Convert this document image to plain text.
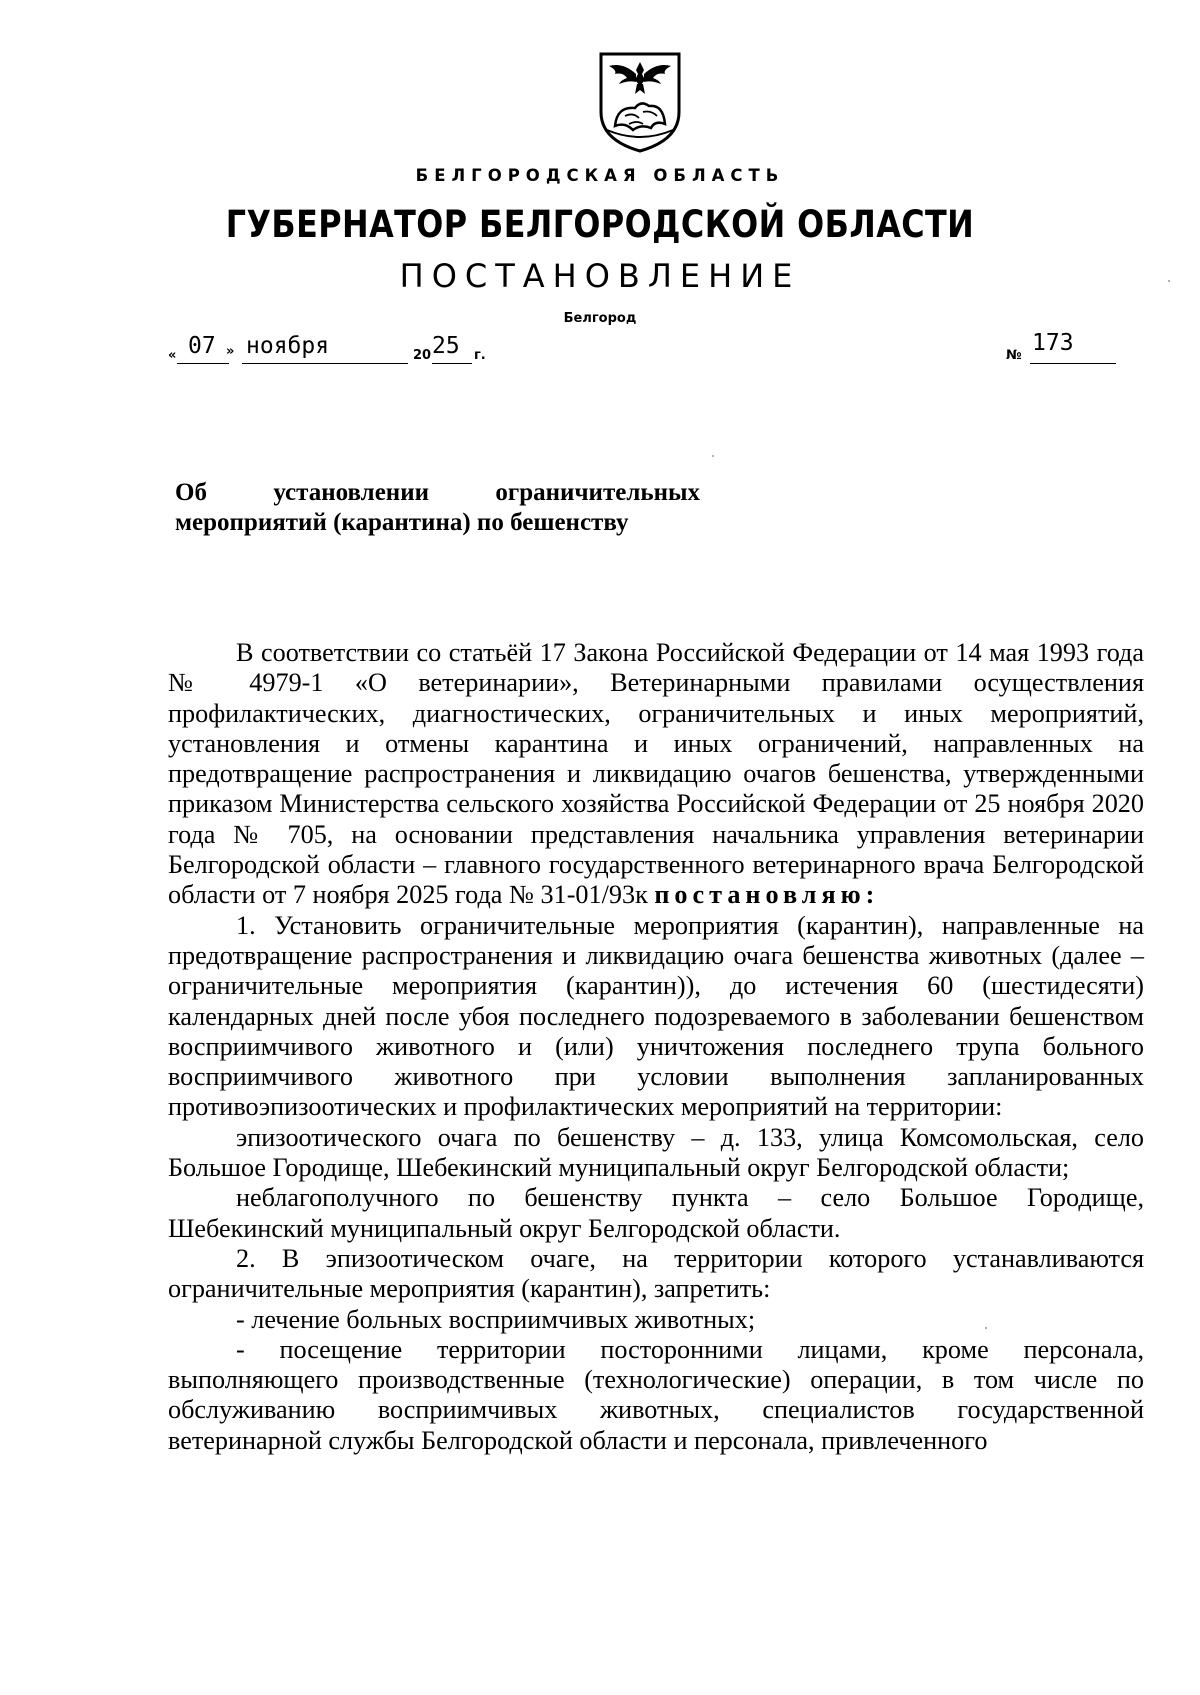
БЕЛГОРОДСКАЯ ОБЛАСТЬ
ГУБЕРНАТОР БЕЛГОРОДСКОЙ ОБЛАСТИ
ПОСТАНОВЛЕНИЕ
Белгород
« 07 » ноября	20 25 г.	№ 173
Об	установлении	ограничительных
мероприятий (карантина) по бешенству

В соответствии со статьёй 17 Закона Российской Федерации от 14 мая 1993 года № 4979-1 «О ветеринарии», Ветеринарными правилами осуществления профилактических, диагностических, ограничительных и иных мероприятий, установления и отмены карантина и иных ограничений, направленных на предотвращение распространения и ликвидацию очагов бешенства, утвержденными приказом Министерства сельского хозяйства Российской Федерации от 25 ноября 2020 года № 705, на основании представления начальника управления ветеринарии Белгородской области – главного государственного ветеринарного врача Белгородской области от 7 ноября 2025 года № 31-01/93к постановляю:

1. Установить ограничительные мероприятия (карантин), направленные на предотвращение распространения и ликвидацию очага бешенства животных (далее – ограничительные мероприятия (карантин)), до истечения 60 (шестидесяти) календарных дней после убоя последнего подозреваемого в заболевании бешенством восприимчивого животного и (или) уничтожения последнего трупа больного восприимчивого животного при условии выполнения запланированных противоэпизоотических и профилактических мероприятий на территории:

эпизоотического очага по бешенству – д. 133, улица Комсомольская, село Большое Городище, Шебекинский муниципальный округ Белгородской области;

неблагополучного по бешенству пункта – село Большое Городище, Шебекинский муниципальный округ Белгородской области.

2. В эпизоотическом очаге, на территории которого устанавливаются ограничительные мероприятия (карантин), запретить:

- лечение больных восприимчивых животных;

- посещение территории посторонними лицами, кроме персонала, выполняющего производственные (технологические) операции, в том числе по обслуживанию восприимчивых животных, специалистов государственной ветеринарной службы Белгородской области и персонала, привлеченного
